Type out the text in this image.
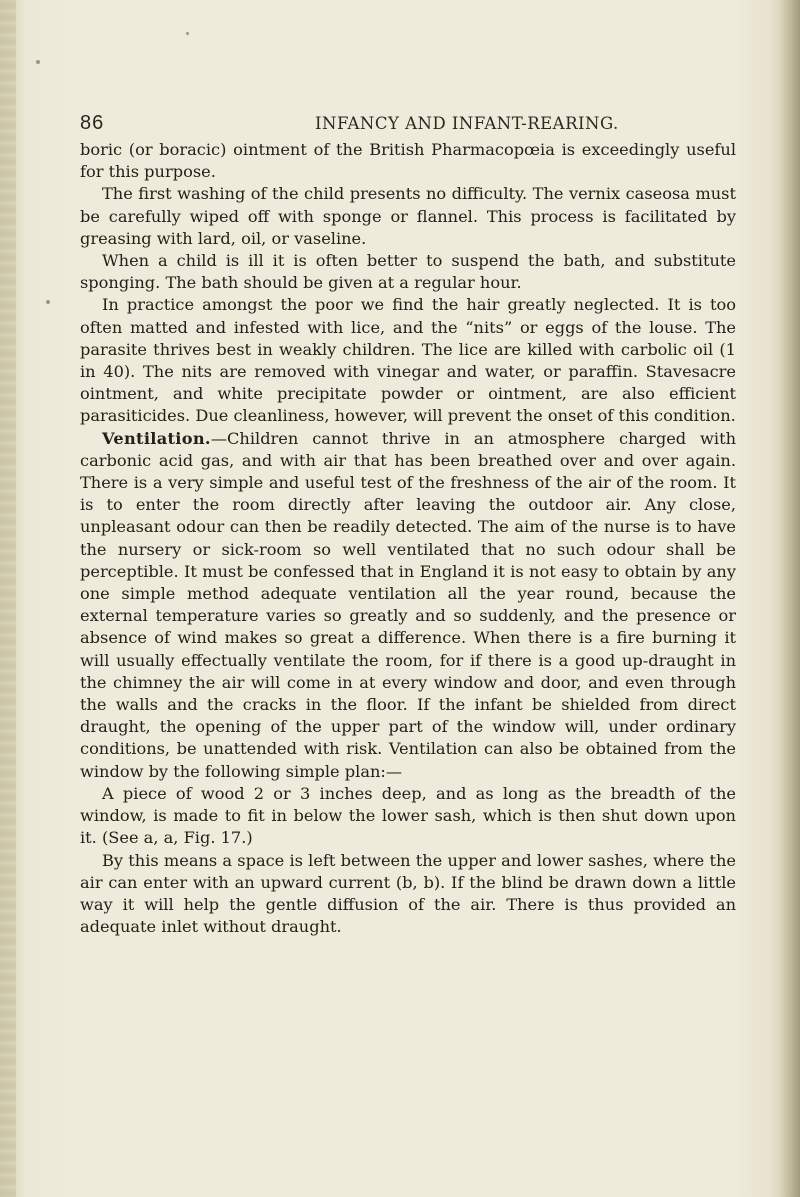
86	INFANCY AND INFANT-REARING.

boric (or boracic) ointment of the British Pharmacopœia is exceedingly useful for this purpose.

The first washing of the child presents no difficulty. The vernix caseosa must be carefully wiped off with sponge or flannel. This process is facilitated by greasing with lard, oil, or vaseline.

When a child is ill it is often better to suspend the bath, and substitute sponging. The bath should be given at a regular hour.

In practice amongst the poor we find the hair greatly neglected. It is too often matted and infested with lice, and the “nits” or eggs of the louse. The parasite thrives best in weakly children. The lice are killed with carbolic oil (1 in 40). The nits are removed with vinegar and water, or paraffin. Stavesacre ointment, and white precipitate powder or ointment, are also efficient parasiticides. Due cleanliness, however, will prevent the onset of this condition.

Ventilation.—Children cannot thrive in an atmosphere charged with carbonic acid gas, and with air that has been breathed over and over again. There is a very simple and useful test of the freshness of the air of the room. It is to enter the room directly after leaving the outdoor air. Any close, unpleasant odour can then be readily detected. The aim of the nurse is to have the nursery or sick-room so well ventilated that no such odour shall be perceptible. It must be confessed that in England it is not easy to obtain by any one simple method adequate ventilation all the year round, because the external temperature varies so greatly and so suddenly, and the presence or absence of wind makes so great a difference. When there is a fire burning it will usually effectually ventilate the room, for if there is a good up-draught in the chimney the air will come in at every window and door, and even through the walls and the cracks in the floor. If the infant be shielded from direct draught, the opening of the upper part of the window will, under ordinary conditions, be unattended with risk. Ventilation can also be obtained from the window by the following simple plan:—

A piece of wood 2 or 3 inches deep, and as long as the breadth of the window, is made to fit in below the lower sash, which is then shut down upon it. (See a, a, Fig. 17.)

By this means a space is left between the upper and lower sashes, where the air can enter with an upward current (b, b). If the blind be drawn down a little way it will help the gentle diffusion of the air. There is thus provided an adequate inlet without draught.
